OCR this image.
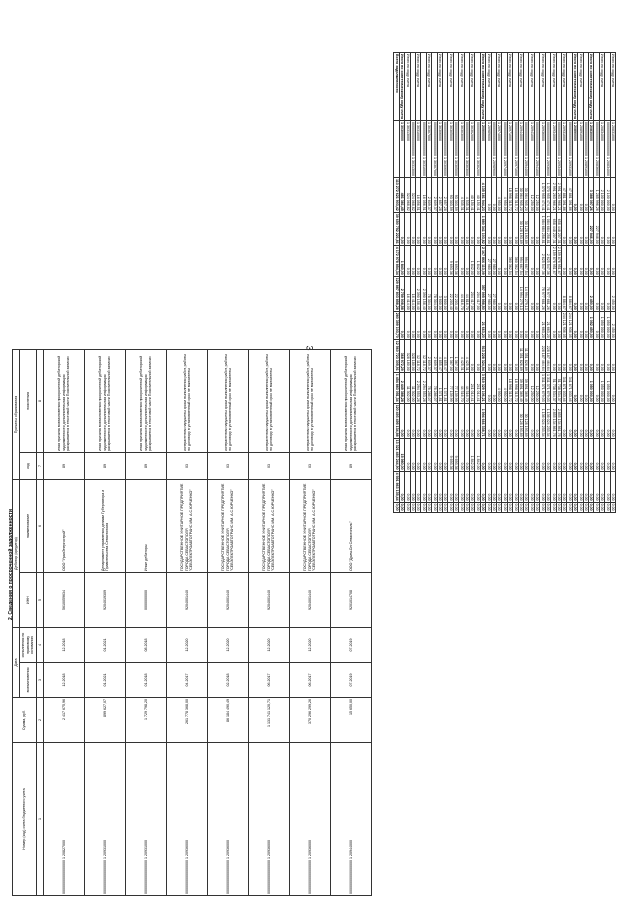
3
Итого по коду счета	1 20831000	0,00	0,00	0,00	2 450,00	2 450,00	0,00	0,00	0,00	0,00	0,00	0,00
	00000000000000000 1 20834000	2 100 000,00	0,00	0,00	0,00	1 050 000,00	0,00	1 050 000,00	0,00	0,00	0,00	0,00
Итого по коду счета	1 20834000	2 100 000,00	0,00	0,00	0,00	1 050 000,00	0,00	1 050 000,00	0,00	0,00	0,00	0,00
	00000000000000000 1 20836000	1 285 996,26	227 946,00	0,00	0,00	0,00	0,00	0,00	0,00	0,00	0,00	0,00
Итого по синтетическому коду счета	1 20830000	3 388 097,26	227 946,00	0,00	2 450,00	1 052 450,00	0,00	1 050 000,00	0,00	0,00	0,00	0,00
	00000000000000000 1 20891000	0,00	0,00	0,00	0,00	0,00	0,00	0,00	0,00	0,00	0,00	0,00
Итого по коду счета	1 20891000	0,00	0,00	0,00	0,00	0,00	0,00	0,00	0,00	0,00	0,00	0,00
Итого по синтетическому коду счета	1 20890000	0,00	0,00	0,00	0,00	0,00	0,00	0,00	0,00	0,00	0,00	0,00
	00000000000000000 1 20931000	47 881 391,86	0,00	0,00	8 884,67	244 121 936,05	0,00	341 871 033,46	0,00	0,00	0,00	0,00
Итого по коду счета	1 20931000	47 881 391,86	0,00	0,00	8 884,67	244 121 936,05	0,00	341 871 033,46	0,00	0,00	0,00	0,00
	00000000000000000 1 20934000	2 991 263 966,21	658 448 207,31	2 159 876 951,67	0,00	0,00	0,00	51 738 534,37	2 855 134 861,76	0,00	0,00	0,00
Итого по коду счета	1 20934000	2 991 263 966,21	658 448 207,31	2 159 876 951,67	0,00	0,00	0,00	51 738 534,37	2 855 134 861,76	0,00	0,00	0,00
	00000000000000000 1 20936000	1 370 955 474,41	1 084 684 258,81	2 625 547,36	76 977 681,26	21 663,20	228 187 464,64	1 311 371 679,03	1 136 024 233,34	0,00	0,00	0,00
Итого по коду счета	1 20936000	1 370 955 474,41	1 084 684 258,81	2 625 547,36	76 977 681,26	21 663,20	228 187 464,64	1 311 371 679,03	1 136 024 233,34	0,00	0,00	0,00
	00000000000000000 1 20941000	12 250,00	0,00	0,00	0,00	0,00	0,00	12 250,00	0,00	0,00	0,00	0,00
Итого по коду счета	1 20941000	12 250,00	0,00	0,00	0,00	0,00	0,00	12 250,00	0,00	0,00	0,00	0,00
	00000000000000000 1 20944000	30 064 905,20	30 128 193,89	994 667,54	14 994 279,13	0,00	11 351 826,89	39 891 369,49	30 128 193,89	0,00	0,00	0,00
Итого по коду счета	1 20944000	30 064 905,20	30 128 193,89	994 667,54	14 994 279,13	0,00	11 351 826,89	39 891 369,49	30 128 193,89	0,00	0,00	0,00
	00000000000000000 1 20971000	18 998 315,72	0,00	360 362,54	0,00	0,00	0,00	18 998 315,72	0,00	0,00	0,00	0,00
Итого по коду счета	1 20971000	18 998 315,72	0,00	360 362,54	0,00	0,00	0,00	18 998 315,72	0,00	0,00	0,00	0,00
	00000000000000000 1 20974000	4 950,00	0,00	0,00	0,00	0,00	0,00	4 950,00	0,00	0,00	0,00	0,00
Итого по коду счета	1 20974000	4 950,00	0,00	0,00	0,00	0,00	0,00	4 950,00	0,00	0,00	0,00	0,00
	00000000000000000 1 20989000	0,00	0,00	27 980,00	27 980,00	0,00	0,00	0,00	0,00	0,00	0,00	0,00
Итого по коду счета	1 20989000	0,00	0,00	27 980,00	27 980,00	0,00	0,00	0,00	0,00	0,00	0,00	0,00
Итого по синтетическому коду счета	1 20900000	4 135 181 944,23	1 880 341 103,82	2 167 866 113,09	357 995 958,50	21 663,20	513 228 324,94	3 919 329 106,21	1 994 666 338,71	0,00	0,00	0,00
	00000000000000000 1 30302000	40 150,41	0,00	1 842,00	204 417,00	0,00	0,00	241 014,41	0,00	1 842,00	0,00	0,00
Итого по коду счета	1 30302000	40 150,41	0,00	1 842,00	204 417,00	0,00	0,00	241 014,41	0,00	1 842,00	0,00	0,00
	00000000000000000 1 30303000	4 535,31	0,00	0,00	44 816,70	0,00	4 425,31	44 516,70	0,00	0,00	0,00	0,00
Итого по коду счета	1 30303000	4 535,31	0,00	0,00	44 816,70	0,00	4 425,31	44 516,70	0,00	0,00	0,00	0,00
	00000000000000000 1 30305000	93 303,59	0,00	9 693,36	22 203,40	0,00	1 367,00	77 139,99	0,00	9 693,36	0,00	0,00
Итого по коду счета	1 30305000	93 303,59	0,00	9 693,36	22 203,40	0,00	1 367,00	77 139,99	0,00	9 693,36	0,00	0,00
	00000000000000000 1 30306000	2 657,28	0,00	0,00	3 600,00	0,00	4 855,47	1 371,81	0,00	0,00	0,00	0,00
Итого по коду счета	1 30306000	2 657,28	0,00	0,00	3 600,00	0,00	4 855,47	1 371,81	0,00	0,00	0,00	0,00
	00000000000000000 1 30307000	2 609,37	0,00	0,00	78 304,00	0,00	2 609,37	78 286,07	0,00	0,00	0,00	0,00
Итого по коду счета	1 30307000	2 609,37	0,00	0,00	78 304,00	0,00	2 609,37	78 286,07	0,00	0,00	0,00	0,00
	00000000000000000 1 30310000	16 056,51	0,00	0,00	2 390 158,40	0,00	12 118,72	2 294 553,26	0,00	0,00	0,00	0,00
Итого по коду счета	1 30310000	16 056,51	0,00	0,00	2 390 158,40	0,00	12 118,72	2 294 553,26	0,00	0,00	0,00	0,00
	00000000000000000 1 30313000	324 068,82	0,00	0,00	16 414,00	0,00	328 180,00	11 302,00	0,00	0,00	0,00	0,00
Итого по коду счета	1 30313000	324 068,82	0,00	0,00	16 414,00	0,00	328 180,00	11 302,00	0,00	0,00	0,00	0,00
Итого по синтетическому коду счета	1 30300000	481 381,45	0,00	1 840,00	2 759 908,58	0,00	368 972,29	2 449 388,28	0,00	15 980,00	0,00	0,00
Всего задолженности		113 272 621 903,42	39 650 752 221,81	4 172 978 854,34	129 887 803 858,28	280 399 103,70	12 560 723 305,91	1 454 883 051,34	120 493 495 134,88	13 321 483 244,90	4 591 863 135,44	0,00
2. Сведения о просроченной задолженности
Номер (код) счета бюджетного учета	Сумма, руб.	Дата		Дебитор (кредитор)		Причины образования	
		возникновения	исполнения по правовому основанию	ИНН	наименование	код	пояснения
1	2	3	4	5	6	7	8
00000000000000000 1 20827000	2 417 675,96	12.2018	12.2018	5610059634	ООО "УралЭнергострой"	89	иная причина возникновения просроченной дебиторской задолженности дополнительная информация раскрывается в текстовой части Пояснительной записки
00000000000000000 1 20931000	899 627,07	01.2021	01.2021	9204019309	Департамент управления делами Губернатора и Правительства Севастополя	89	иная причина возникновения просроченной дебиторской задолженности дополнительная информация раскрывается в текстовой части Пояснительной записки
00000000000000000 1 20931000	1 729 798,20	01.2018	08.2018	0000000000	Иные дебиторы	89	иная причина возникновения просроченной дебиторской задолженности дополнительная информация раскрывается в текстовой части Пояснительной записки
00000000000000000 1 20936000	261 778 368,00	04.2017	12.2020	9204001440	ГОСУДАРСТВЕННОЕ УНИТАРНОЕ ПРЕДПРИЯТИЕ ГОРОДА СЕВАСТОПОЛЯ "СЕВЭЛЕКТРОАВТОТРАНС ИМ. А.С.ЮРЧЕНКО"	03	контрагентом нарушены сроки выполнения работ, работы по договору в установленный срок не выполнены
00000000000000000 1 20936000	86 184 490,49	02.2018	12.2020	9204001440	ГОСУДАРСТВЕННОЕ УНИТАРНОЕ ПРЕДПРИЯТИЕ ГОРОДА СЕВАСТОПОЛЯ "СЕВЭЛЕКТРОАВТОТРАНС ИМ. А.С.ЮРЧЕНКО"	03	контрагентом нарушены сроки выполнения работ, работы по договору в установленный срок не выполнены
00000000000000000 1 20936000	1 131 741 120,71	06.2017	12.2020	9204001440	ГОСУДАРСТВЕННОЕ УНИТАРНОЕ ПРЕДПРИЯТИЕ ГОРОДА СЕВАСТОПОЛЯ "СЕВЭЛЕКТРОАВТОТРАНС ИМ. А.С.ЮРЧЕНКО"	03	контрагентом нарушены сроки выполнения работ, работы по договору в установленный срок не выполнены
00000000000000000 1 20936000	370 296 299,26	06.2017	12.2020	9204001440	ГОСУДАРСТВЕННОЕ УНИТАРНОЕ ПРЕДПРИЯТИЕ ГОРОДА СЕВАСТОПОЛЯ "СЕВЭЛЕКТРОАВТОТРАНС ИМ. А.С.ЮРЧЕНКО"	03	контрагентом нарушены сроки выполнения работ, работы по договору в установленный срок не выполнены
00000000000000000 1 20944000	15 650,00	07.2019	07.2019	9201014708	ООО "Дрим-Ол Севастополь"	89	иная причина возникновения просроченной дебиторской задолженности дополнительная информация раскрывается в текстовой части Пояснительной записки
